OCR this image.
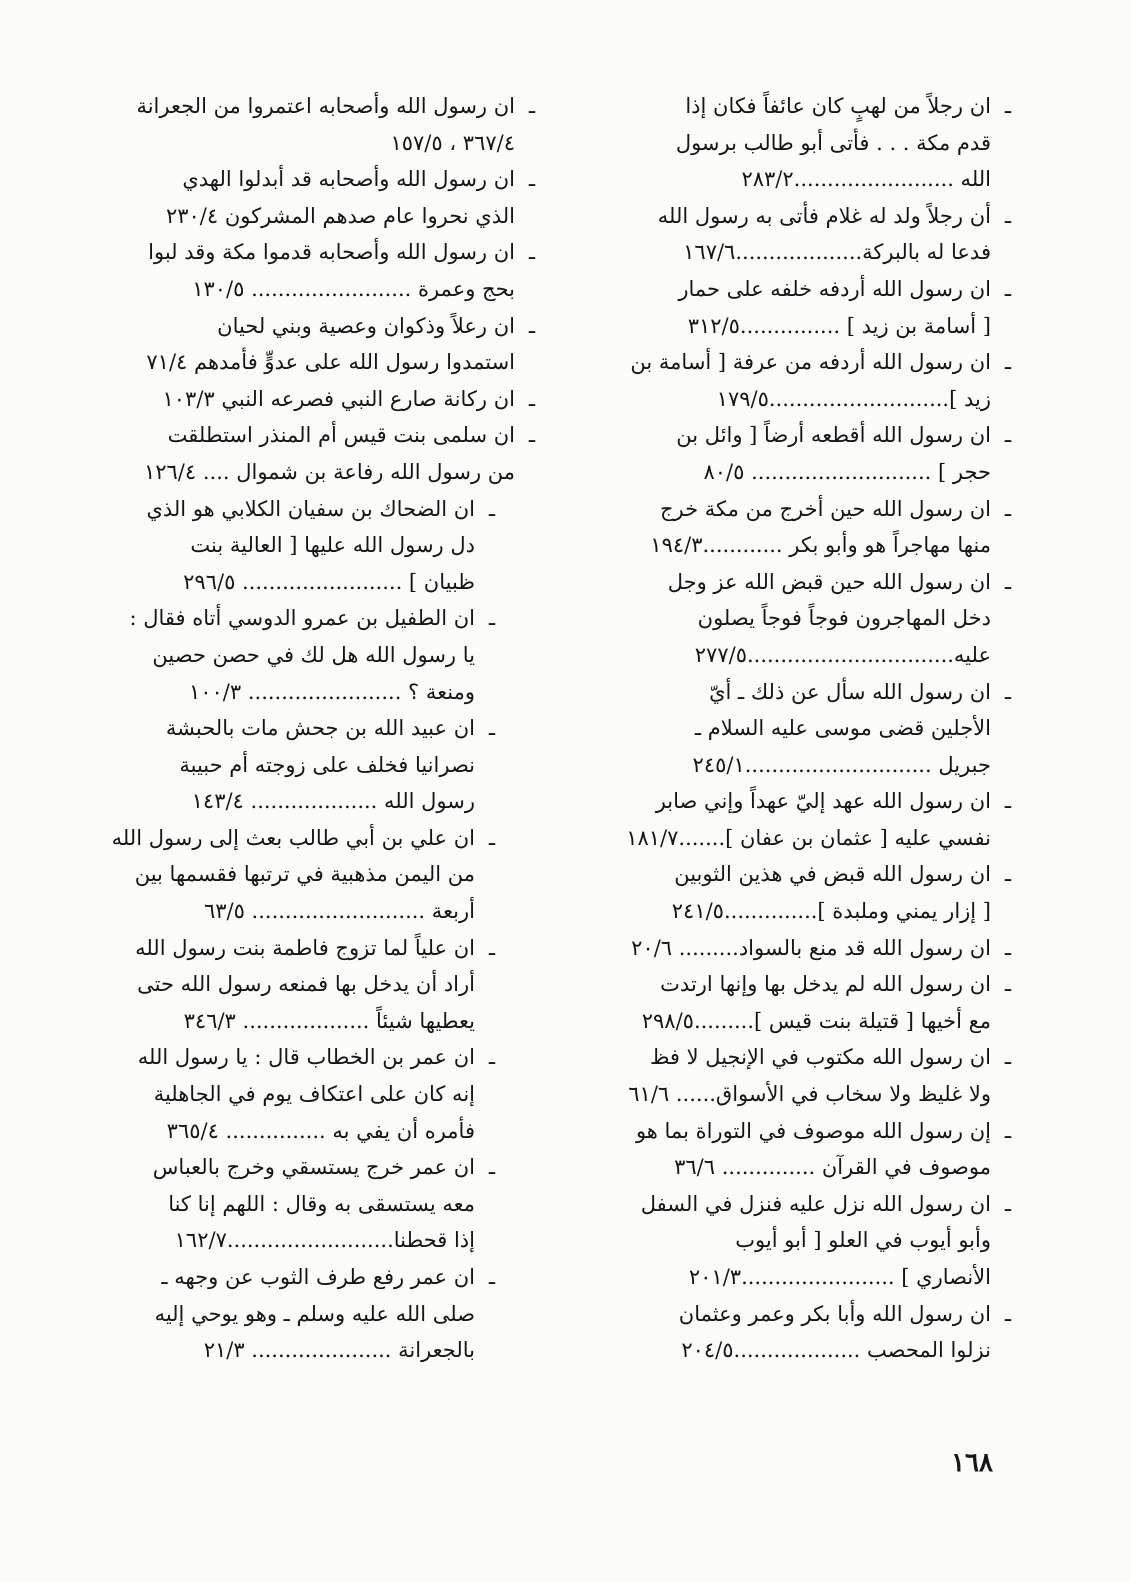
ـ
ان رجلاً من لهبٍ كان عائفاً فكان إذا
قدم مكة . . . فأتى أبو طالب برسول
الله ........................٢٨٣/٢
ـ
أن رجلاً ولد له غلام فأتى به رسول الله
فدعا له بالبركة...................١٦٧/٦
ـ
ان رسول الله أردفه خلفه على حمار
[ أسامة بن زيد ] ...............٣١٢/٥
ـ
ان رسول الله أردفه من عرفة [ أسامة بن
زيد ]...........................١٧٩/٥
ـ
ان رسول الله أقطعه أرضاً [ وائل بن
حجر ] ........................... ٨٠/٥
ـ
ان رسول الله حين أخرج من مكة خرج
منها مهاجراً هو وأبو بكر ............١٩٤/٣
ـ
ان رسول الله حين قبض الله عز وجل
دخل المهاجرون فوجاً فوجاً يصلون
عليه...............................٢٧٧/٥
ـ
ان رسول الله سأل عن ذلك ـ أيّ
الأجلين قضى موسى عليه السلام ـ
جبريل ............................٢٤٥/١
ـ
ان رسول الله عهد إليّ عهداً وإني صابر
نفسي عليه [ عثمان بن عفان ].......١٨١/٧
ـ
ان رسول الله قبض في هذين الثوبين
[ إزار يمني وملبدة ]..............٢٤١/٥
ـ
ان رسول الله قد منع بالسواد......... ٢٠/٦
ـ
ان رسول الله لم يدخل بها وإنها ارتدت
مع أخيها [ قتيلة بنت قيس ].........٢٩٨/٥
ـ
ان رسول الله مكتوب في الإنجيل لا فظ
ولا غليظ ولا سخاب في الأسواق...... ٦١/٦
ـ
إن رسول الله موصوف في التوراة بما هو
موصوف في القرآن .............. ٣٦/٦
ـ
ان رسول الله نزل عليه فنزل في السفل
وأبو أيوب في العلو [ أبو أيوب
الأنصاري ] .......................٢٠١/٣
ـ
ان رسول الله وأبا بكر وعمر وعثمان
نزلوا المحصب ...................٢٠٤/٥
ـ
ان رسول الله وأصحابه اعتمروا من الجعرانة
٣٦٧/٤ ، ١٥٧/٥
ـ
ان رسول الله وأصحابه قد أبدلوا الهدي
الذي نحروا عام صدهم المشركون ٢٣٠/٤
ـ
ان رسول الله وأصحابه قدموا مكة وقد لبوا
بحج وعمرة ........................ ١٣٠/٥
ـ
ان رعلاً وذكوان وعصية وبني لحيان
استمدوا رسول الله على عدوٍّ فأمدهم ٧١/٤
ـ
ان ركانة صارع النبي فصرعه النبي ١٠٣/٣
ـ
ان سلمى بنت قيس أم المنذر استطلقت
من رسول الله رفاعة بن شموال .... ١٢٦/٤
ـ
ان الضحاك بن سفيان الكلابي هو الذي
دل رسول الله عليها [ العالية بنت
ظبيان ] ........................ ٢٩٦/٥
ـ
ان الطفيل بن عمرو الدوسي أتاه فقال :
يا رسول الله هل لك في حصن حصين
ومنعة ؟ ....................... ١٠٠/٣
ـ
ان عبيد الله بن جحش مات بالحبشة
نصرانيا فخلف على زوجته أم حبيبة
رسول الله ................... ١٤٣/٤
ـ
ان علي بن أبي طالب بعث إلى رسول الله
من اليمن مذهبية في ترتبها فقسمها بين
أربعة .......................... ٦٣/٥
ـ
ان علياً لما تزوج فاطمة بنت رسول الله
أراد أن يدخل بها فمنعه رسول الله حتى
يعطيها شيئاً ................... ٣٤٦/٣
ـ
ان عمر بن الخطاب قال : يا رسول الله
إنه كان على اعتكاف يوم في الجاهلية
فأمره أن يفي به ............... ٣٦٥/٤
ـ
ان عمر خرج يستسقي وخرج بالعباس
معه يستسقى به وقال : اللهم إنا كنا
إذا قحطنا.........................١٦٢/٧
ـ
ان عمر رفع طرف الثوب عن وجهه ـ
صلى الله عليه وسلم ـ وهو يوحي إليه
بالجعرانة ..................... ٢١/٣
١٦٨
